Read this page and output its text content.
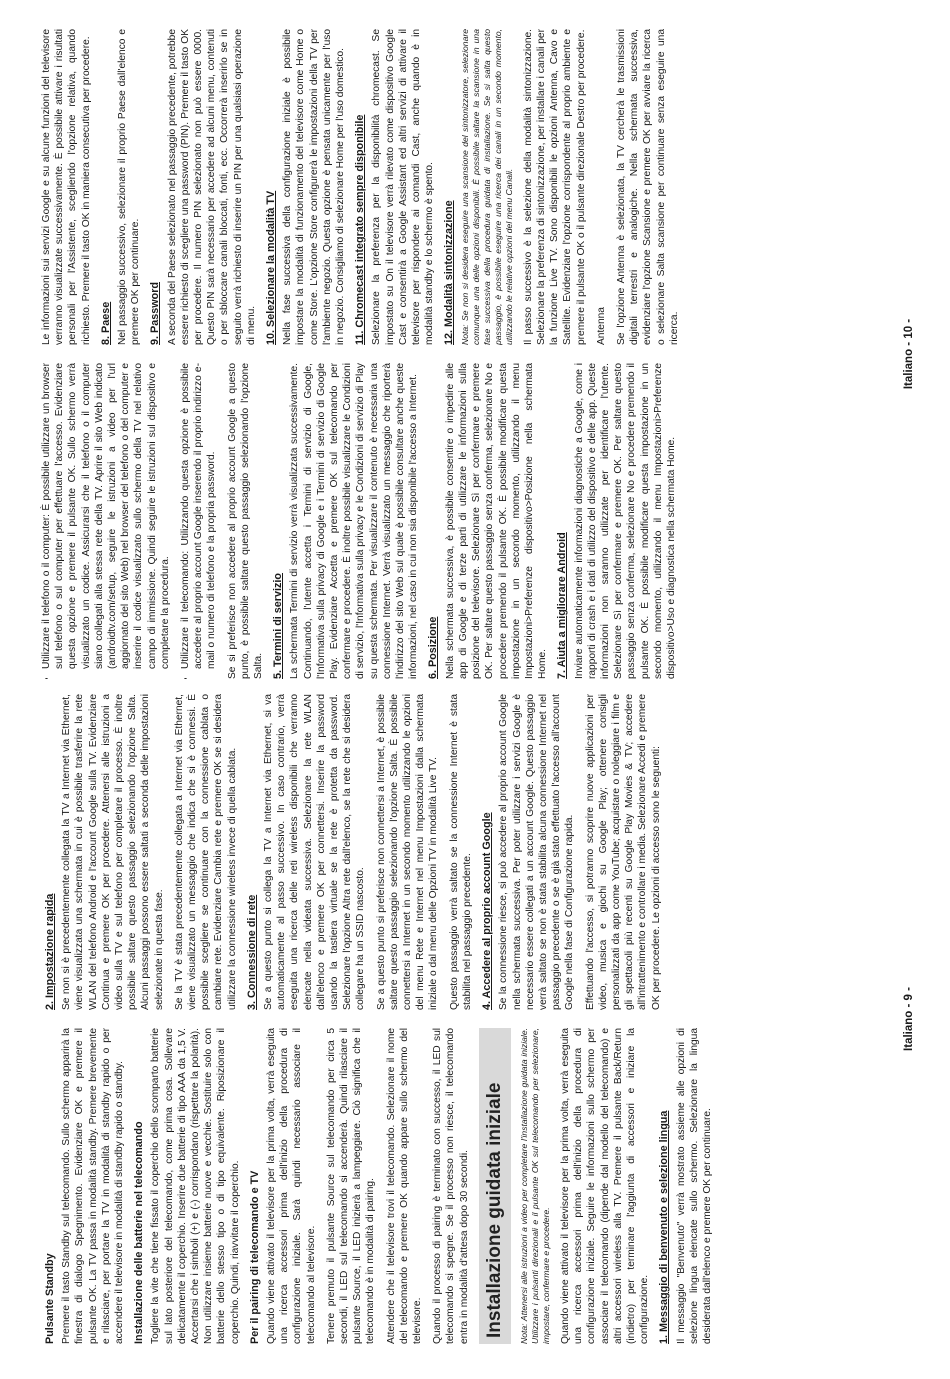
Pulsante Standby Premere il tasto Standby sul telecomando. Sullo schermo apparirà la finestra di dialogo Spegnimento. Evidenziare OK e premere il pulsante OK. La TV passa in modalità standby. Premere brevemente e rilasciare, per portare la TV in modalità di standby rapido o per accendere il televisore in modalità di standby rapido o standby. Installazione delle batterie nel telecomando Togliere la vite che tiene fissato il coperchio dello scomparto batterie sul lato posteriore del telecomando, come prima cosa. Sollevare delicatamente il coperchio. Inserire due batterie di tipo AAA da 1,5 V. Accertarsi che i simboli (+) e (-) corrispondano (rispettare la polarità). Non utilizzare insieme batterie nuove e vecchie. Sostituire solo con batterie dello stesso tipo o di tipo equivalente. Riposizionare il coperchio. Quindi, riavvitare il coperchio. Per il pairing di telecomando e TV Quando viene attivato il televisore per la prima volta, verrà eseguita una ricerca accessori prima dell'inizio della procedura di configurazione iniziale. Sarà quindi necessario associare il telecomando al televisore. Tenere premuto il pulsante Source sul telecomando per circa 5 secondi, il LED sul telecomando si accenderà. Quindi rilasciare il pulsante Source, il LED inizierà a lampeggiare. Ciò significa che il telecomando è in modalità di pairing. Attendere che il televisore trovi il telecomando. Selezionare il nome del telecomando e premere OK quando appare sullo schermo del televisore. Quando il processo di pairing è terminato con successo, il LED sul telecomando si spegne. Se il processo non riesce, il telecomando entra in modalità d'attesa dopo 30 secondi. Installazione guidata iniziale	Nota: Attenersi alle istruzioni a video per completare l'installazione guidata iniziale. Utilizzare i pulsanti direzionali e il pulsante OK sul telecomando per selezionare, impostare, confermare e procedere. Quando viene attivato il televisore per la prima volta, verrà eseguita una ricerca accessori prima dell'inizio della procedura di configurazione iniziale. Seguire le informazioni sullo schermo per associare il telecomando (dipende dal modello del telecomando) e altri accessori wireless alla TV. Premere il pulsante Back/Return (indietro) per terminare l'aggiunta di accessori e iniziare la configurazione. 1. Messaggio di benvenuto e selezione lingua Il messaggio "Benvenuto" verrà mostrato assieme alle opzioni di selezione lingua elencate sullo schermo. Selezionare la lingua desiderata dall'elenco e premere OK per continuare.

2. Impostazione rapida Se non si è precedentemente collegata la TV a Internet via Ethernet, viene visualizzata una schermata in cui è possibile trasferire la rete WLAN del telefono Android e l'account Google sulla TV. Evidenziare Continua e premere OK per procedere. Attenersi alle istruzioni a video sulla TV e sul telefono per completare il processo. È inoltre possibile saltare questo passaggio selezionando l'opzione Salta. Alcuni passaggi possono essere saltati a seconda delle impostazioni selezionate in questa fase. Se la TV è stata precedentemente collegata a Internet via Ethernet, viene visualizzato un messaggio che indica che si è connessi. È possibile scegliere se continuare con la connessione cablata o cambiare rete. Evidenziare Cambia rete e premere OK se si desidera utilizzare la connessione wireless invece di quella cablata. 3. Connessione di rete Se a questo punto si collega la TV a Internet via Ethernet, si va automaticamente al passo successivo. In caso contrario, verrà eseguita una ricerca delle reti wireless disponibili che verranno elencate nella videata successiva. Selezionare la rete WLAN dall'elenco e premere OK per connettersi. Inserire la password usando la tastiera virtuale se la rete è protetta da password. Selezionare l'opzione Altra rete dall'elenco, se la rete che si desidera collegare ha un SSID nascosto. Se a questo punto si preferisce non connettersi a Internet, è possibile saltare questo passaggio selezionando l'opzione Salta. È possibile connettersi a Internet in un secondo momento utilizzando le opzioni del menu Rete e Internet nel menu Impostazioni dalla schermata iniziale o dal menu delle Opzioni TV in modalità Live TV. Questo passaggio verrà saltato se la connessione Internet è stata stabilita nel passaggio precedente. 4. Accedere al proprio account Google Se la connessione riesce, si può accedere al proprio account Google nella schermata successiva. Per poter utilizzare i servizi Google è necessario essere collegati a un account Google. Questo passaggio verrà saltato se non è stata stabilita alcuna connessione Internet nel passaggio precedente o se è già stato effettuato l'accesso all'account Google nella fase di Configurazione rapida. Effettuando l'accesso, si potranno scoprire nuove applicazioni per video, musica e giochi su Google Play; ottenere consigli personalizzati da app come YouTube; acquistare o noleggiare i film e gli spettacoli più recenti su Google Play Movies & TV; accedere all'intrattenimento e controllare i media. Selezionare Accedi e premere OK per procedere. Le opzioni di accesso sono le seguenti:

Italiano - 9 -
• Utilizzare il telefono o il computer: È possibile utilizzare un browser sul telefono o sul computer per effettuare l'accesso. Evidenziare questa opzione e premere il pulsante OK. Sullo schermo verrà visualizzato un codice. Assicurarsi che il telefono o il computer siano collegati alla stessa rete della TV. Aprire il sito Web indicato (androidtv.com/setup, seguire le istruzioni a video per l'url aggiornato del sito Web) nel browser del telefono o del computer e inserire il codice visualizzato sullo schermo della TV nel relativo campo di immissione. Quindi seguire le istruzioni sul dispositivo e completare la procedura.
• Utilizzare il telecomando: Utilizzando questa opzione è possibile accedere al proprio account Google inserendo il proprio indirizzo e-mail o numero di telefono e la propria password. Se si preferisce non accedere al proprio account Google a questo punto, è possibile saltare questo passaggio selezionando l'opzione Salta. 5. Termini di servizio La schermata Termini di servizio verrà visualizzata successivamente. Continuando, l'utente accetta i Termini di servizio di Google, l'Informativa sulla privacy di Google e i Termini di servizio di Google Play. Evidenziare Accetta e premere OK sul telecomando per confermare e procedere. È inoltre possibile visualizzare le Condizioni di servizio, l'Informativa sulla privacy e le Condizioni di servizio di Play su questa schermata. Per visualizzare il contenuto è necessaria una connessione Internet. Verrà visualizzato un messaggio che riporterà l'indirizzo del sito Web sul quale è possibile consultare anche queste informazioni, nel caso in cui non sia disponibile l'accesso a Internet. 6. Posizione Nella schermata successiva, è possibile consentire o impedire alle app di Google e di terze parti di utilizzare le informazioni sulla posizione del televisore. Selezionare Sì per confermare e premere OK. Per saltare questo passaggio senza conferma, selezionare No e procedere premendo il pulsante OK. È possibile modificare questa impostazione in un secondo momento, utilizzando il menu Impostazioni>Preferenze dispositivo>Posizione nella schermata Home. 7. Aiuta a migliorare Android Inviare automaticamente informazioni diagnostiche a Google, come i rapporti di crash e i dati di utilizzo del dispositivo e delle app. Queste informazioni non saranno utilizzate per identificare l'utente. Selezionare Sì per confermare e premere OK. Per saltare questo passaggio senza conferma, selezionare No e procedere premendo il pulsante OK. È possibile modificare questa impostazione in un secondo momento, utilizzando il menu Impostazioni>Preferenze dispositivo>Uso e diagnostica nella schermata Home.

Le informazioni sui servizi Google e su alcune funzioni del televisore verranno visualizzate successivamente. È possibile attivare i risultati personali per l'Assistente, scegliendo l'opzione relativa, quando richiesto. Premere il tasto OK in maniera consecutiva per procedere. 8. Paese Nel passaggio successivo, selezionare il proprio Paese dall'elenco e premere OK per continuare. 9. Password A seconda del Paese selezionato nel passaggio precedente, potrebbe essere richiesto di scegliere una password (PIN). Premere il tasto OK per procedere. Il numero PIN selezionato non può essere 0000. Questo PIN sarà necessario per accedere ad alcuni menu, contenuti o per sbloccare canali bloccati, fonti, ecc. Occorrerà inserirlo se in seguito verrà richiesto di inserire un PIN per una qualsiasi operazione di menu. 10. Selezionare la modalità TV Nella fase successiva della configurazione iniziale è possibile impostare la modalità di funzionamento del televisore come Home o come Store. L'opzione Store configurerà le impostazioni della TV per l'ambiente negozio. Questa opzione è pensata unicamente per l'uso in negozio. Consigliamo di selezionare Home per l'uso domestico. 11. Chromecast integrato sempre disponibile Selezionare la preferenza per la disponibilità chromecast. Se impostato su On il televisore verrà rilevato come dispositivo Google Cast e consentirà a Google Assistant ed altri servizi di attivare il televisore per rispondere ai comandi Cast, anche quando è in modalità standby e lo schermo è spento. 12. Modalità sintonizzazione Nota: Se non si desidera eseguire una scansione del sintonizzatore, selezionare comunque una delle opzioni disponibili. È possibile saltare la scansione in una fase successiva della procedura guidata di installazione. Se si salta questo passaggio, è possibile eseguire una ricerca dei canali in un secondo momento, utilizzando le relative opzioni del menu Canali. Il passo successivo è la selezione della modalità sintonizzazione. Selezionare la preferenza di sintonizzazione, per installare i canali per la funzione Live TV. Sono disponibili le opzioni Antenna, Cavo e Satellite. Evidenziare l'opzione corrispondente al proprio ambiente e premere il pulsante OK o il pulsante direzionale Destro per procedere. Antenna Se l'opzione Antenna è selezionata, la TV cercherà le trasmissioni digitali terrestri e analogiche. Nella schermata successiva, evidenziare l'opzione Scansione e premere OK per avviare la ricerca o selezionare Salta scansione per continuare senza eseguire una ricerca.	Italiano - 10 -
